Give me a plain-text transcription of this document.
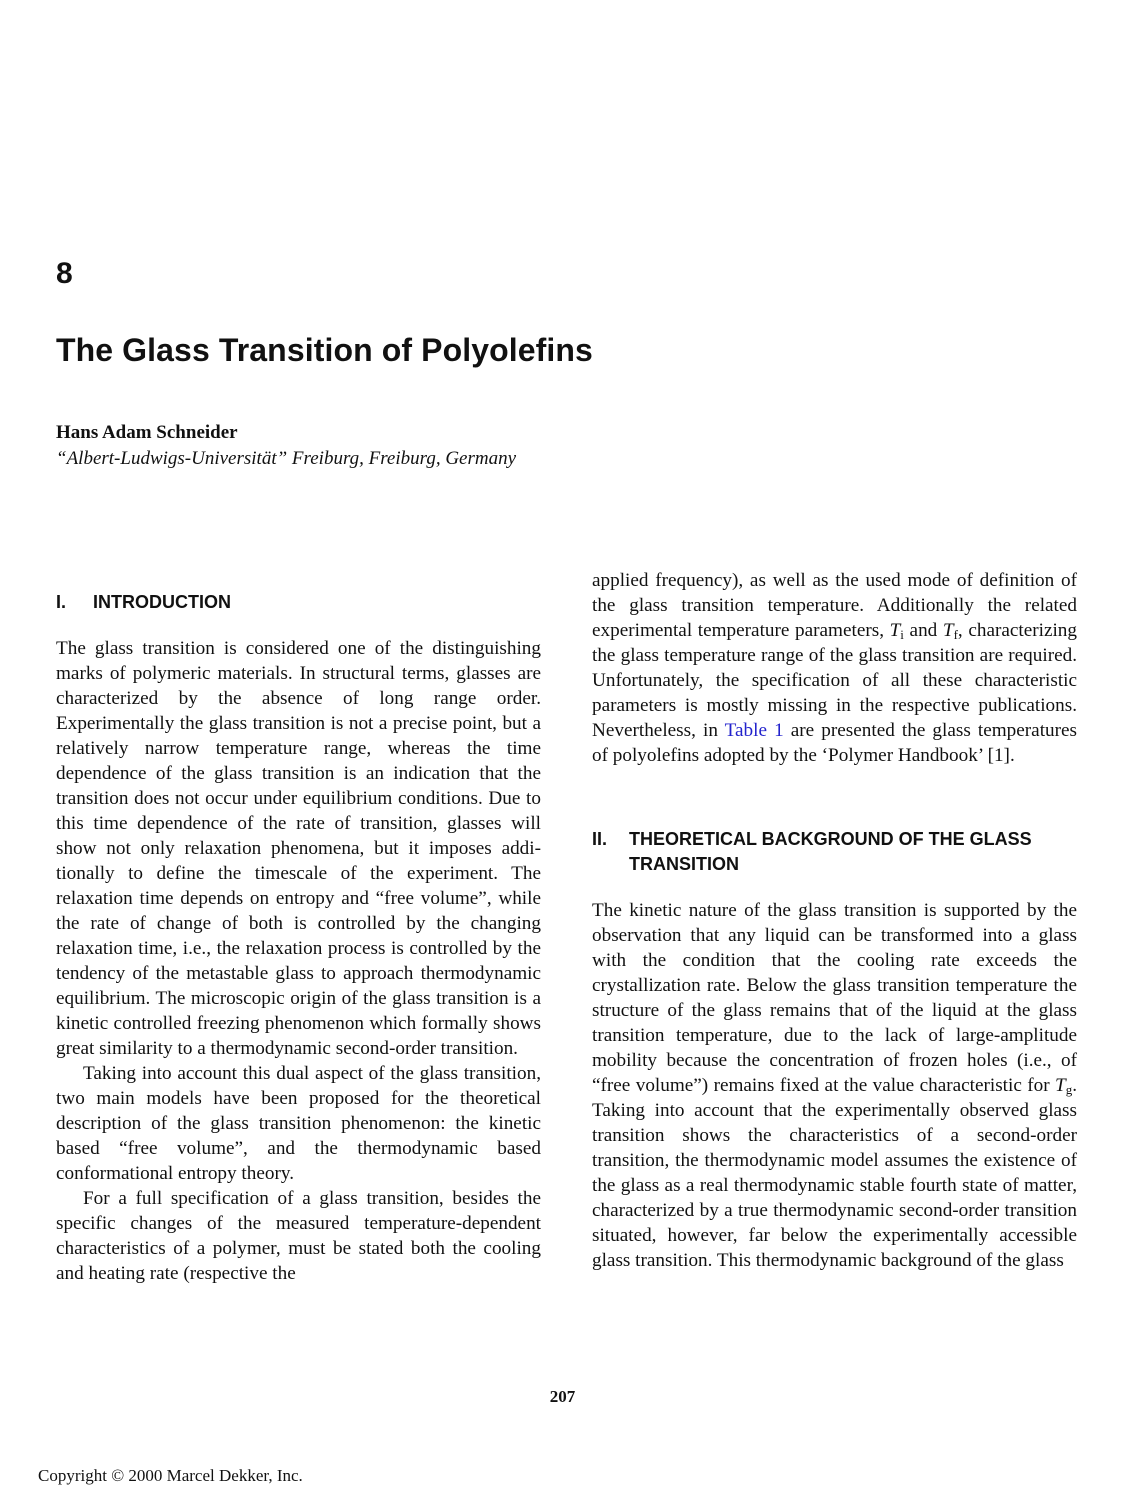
8
The Glass Transition of Polyolefins
Hans Adam Schneider
“Albert-Ludwigs-Universität” Freiburg, Freiburg, Germany
I.	INTRODUCTION

The glass transition is considered one of the distinguishing marks of polymeric materials. In structural terms, glasses are characterized by the absence of long range order. Experimentally the glass transition is not a precise point, but a relatively narrow temperature range, whereas the time dependence of the glass transition is an indication that the transition does not occur under equilibrium conditions. Due to this time dependence of the rate of transition, glasses will show not only relaxation phenomena, but it imposes additionally to define the timescale of the experiment. The relaxation time depends on entropy and “free volume”, while the rate of change of both is controlled by the changing relaxation time, i.e., the relaxation process is controlled by the tendency of the metastable glass to approach thermodynamic equilibrium. The microscopic origin of the glass transition is a kinetic controlled freezing phenomenon which formally shows great similarity to a thermodynamic second-order transition.

Taking into account this dual aspect of the glass transition, two main models have been proposed for the theoretical description of the glass transition phenomenon: the kinetic based “free volume”, and the thermodynamic based conformational entropy theory.

For a full specification of a glass transition, besides the specific changes of the measured temperature-dependent characteristics of a polymer, must be stated both the cooling and heating rate (respective the

applied frequency), as well as the used mode of definition of the glass transition temperature. Additionally the related experimental temperature parameters, $T_i$ and $T_f$, characterizing the glass temperature range of the glass transition are required. Unfortunately, the specification of all these characteristic parameters is mostly missing in the respective publications. Nevertheless, in Table 1 are presented the glass temperatures of polyolefins adopted by the ‘Polymer Handbook’ [1].

II.	THEORETICAL BACKGROUND OF THE GLASS TRANSITION

The kinetic nature of the glass transition is supported by the observation that any liquid can be transformed into a glass with the condition that the cooling rate exceeds the crystallization rate. Below the glass transition temperature the structure of the glass remains that of the liquid at the glass transition temperature, due to the lack of large-amplitude mobility because the concentration of frozen holes (i.e., of “free volume”) remains fixed at the value characteristic for $T_g$. Taking into account that the experimentally observed glass transition shows the characteristics of a second-order transition, the thermodynamic model assumes the existence of the glass as a real thermodynamic stable fourth state of matter, characterized by a true thermodynamic second-order transition situated, however, far below the experimentally accessible glass transition. This thermodynamic background of the glass

207
Copyright © 2000 Marcel Dekker, Inc.
